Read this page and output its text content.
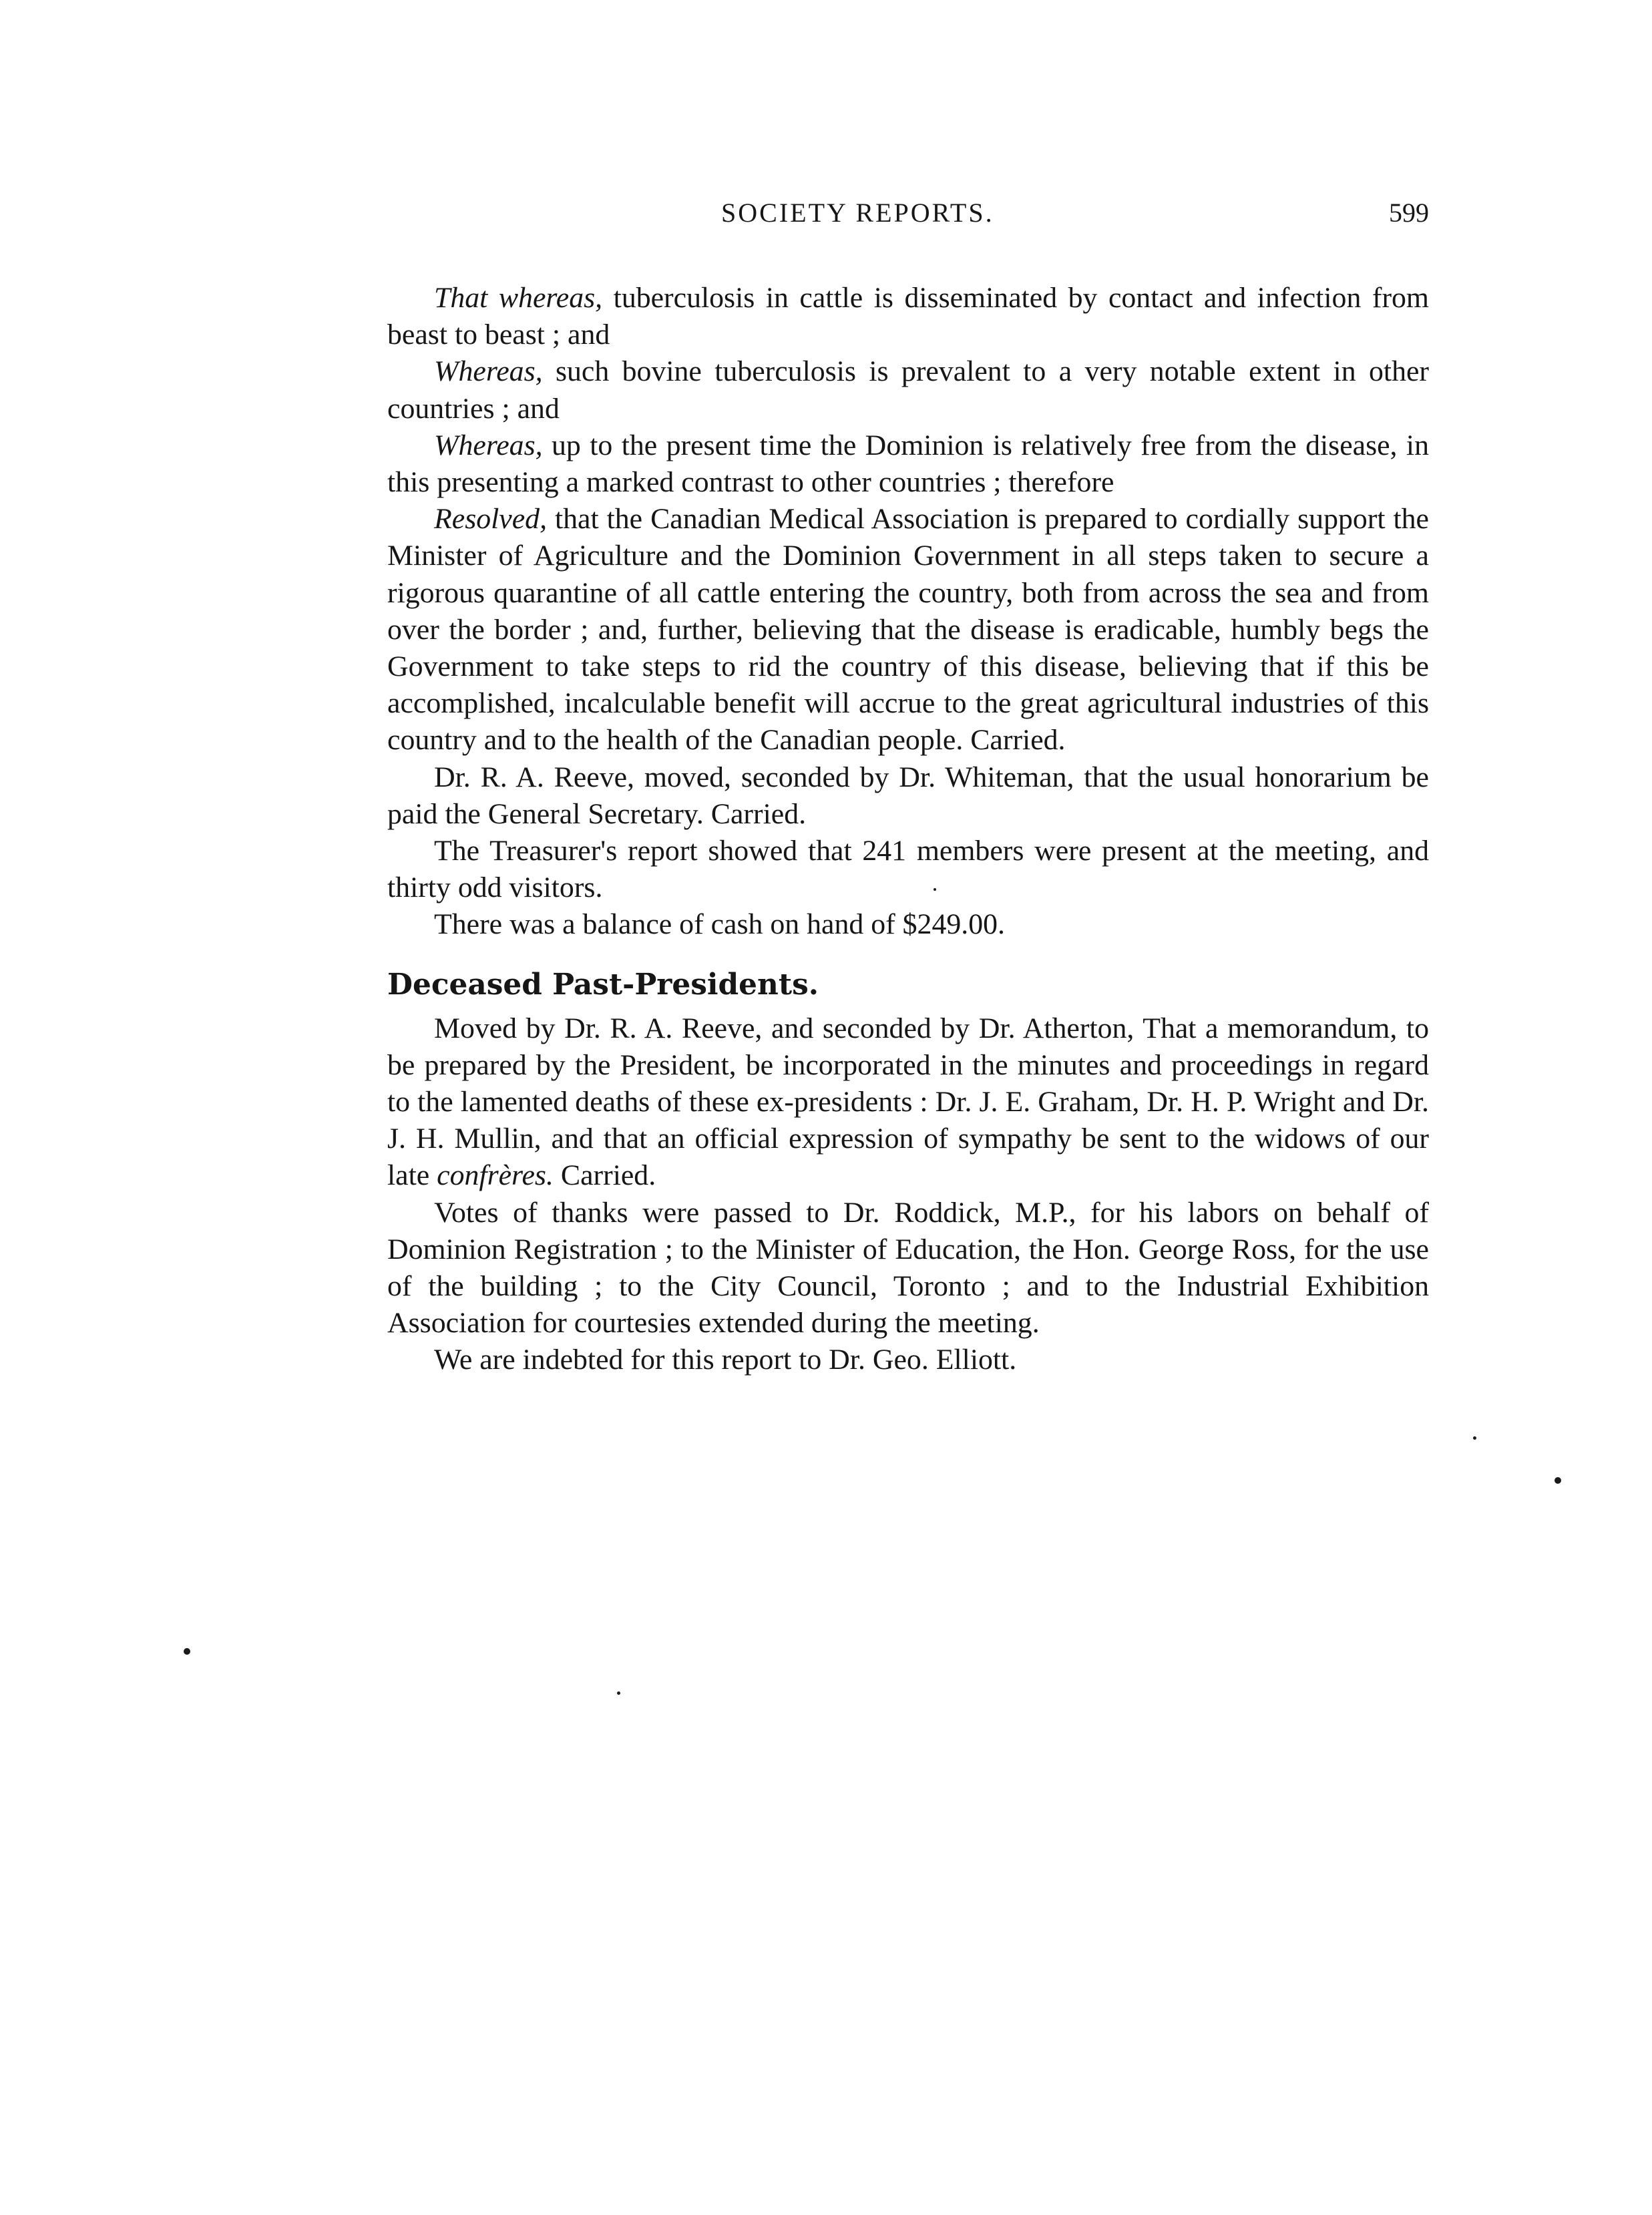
SOCIETY REPORTS.	599

That whereas, tuberculosis in cattle is disseminated by contact and infection from beast to beast ; and

Whereas, such bovine tuberculosis is prevalent to a very notable extent in other countries ; and

Whereas, up to the present time the Dominion is relatively free from the disease, in this presenting a marked contrast to other countries ; therefore

Resolved, that the Canadian Medical Association is prepared to cordially support the Minister of Agriculture and the Dominion Government in all steps taken to secure a rigorous quarantine of all cattle entering the country, both from across the sea and from over the border ; and, further, believing that the disease is eradicable, humbly begs the Government to take steps to rid the country of this disease, believing that if this be accomplished, incalculable benefit will accrue to the great agricultural industries of this country and to the health of the Canadian people. Carried.

Dr. R. A. Reeve, moved, seconded by Dr. Whiteman, that the usual honorarium be paid the General Secretary. Carried.

The Treasurer's report showed that 241 members were present at the meeting, and thirty odd visitors.

There was a balance of cash on hand of $249.00.

Deceased Past-Presidents.

Moved by Dr. R. A. Reeve, and seconded by Dr. Atherton, That a memorandum, to be prepared by the President, be incorporated in the minutes and proceedings in regard to the lamented deaths of these ex-presidents : Dr. J. E. Graham, Dr. H. P. Wright and Dr. J. H. Mullin, and that an official expression of sympathy be sent to the widows of our late confrères. Carried.

Votes of thanks were passed to Dr. Roddick, M.P., for his labors on behalf of Dominion Registration ; to the Minister of Education, the Hon. George Ross, for the use of the building ; to the City Council, Toronto ; and to the Industrial Exhibition Association for courtesies extended during the meeting.

We are indebted for this report to Dr. Geo. Elliott.
